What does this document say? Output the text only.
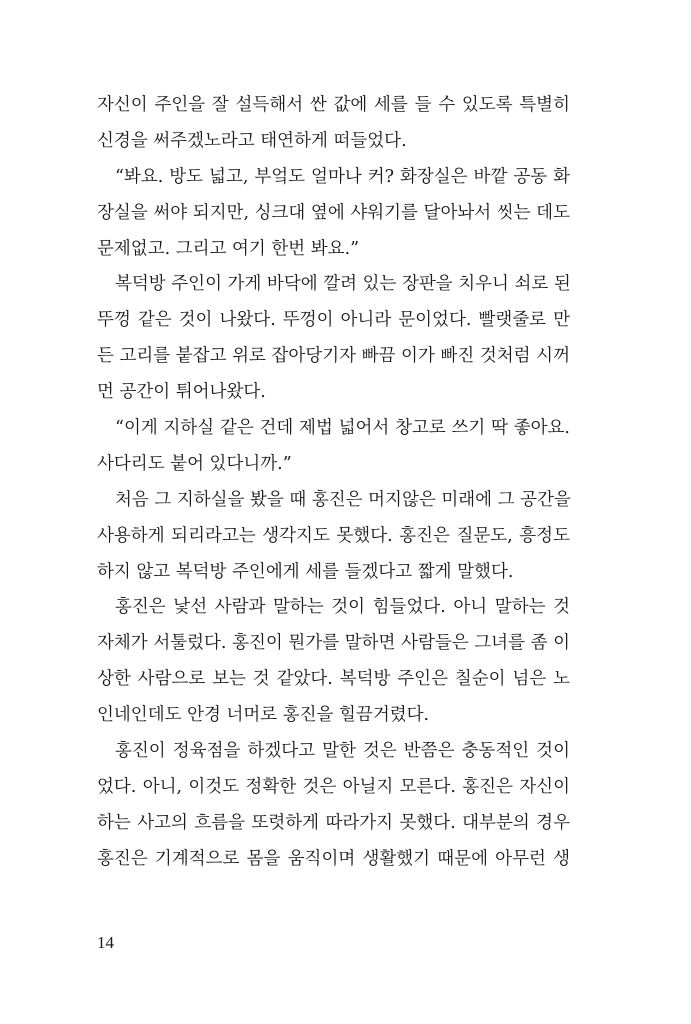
자신이 주인을 잘 설득해서 싼 값에 세를 들 수 있도록 특별히
신경을 써주겠노라고 태연하게 떠들었다.
“봐요. 방도 넓고, 부엌도 얼마나 커? 화장실은 바깥 공동 화
장실을 써야 되지만, 싱크대 옆에 샤워기를 달아놔서 씻는 데도
문제없고. 그리고 여기 한번 봐요.”
복덕방 주인이 가게 바닥에 깔려 있는 장판을 치우니 쇠로 된
뚜껑 같은 것이 나왔다. 뚜껑이 아니라 문이었다. 빨랫줄로 만
든 고리를 붙잡고 위로 잡아당기자 빠끔 이가 빠진 것처럼 시꺼
먼 공간이 튀어나왔다.
“이게 지하실 같은 건데 제법 넓어서 창고로 쓰기 딱 좋아요.
사다리도 붙어 있다니까.”
처음 그 지하실을 봤을 때 홍진은 머지않은 미래에 그 공간을
사용하게 되리라고는 생각지도 못했다. 홍진은 질문도, 흥정도
하지 않고 복덕방 주인에게 세를 들겠다고 짧게 말했다.
홍진은 낯선 사람과 말하는 것이 힘들었다. 아니 말하는 것
자체가 서툴렀다. 홍진이 뭔가를 말하면 사람들은 그녀를 좀 이
상한 사람으로 보는 것 같았다. 복덕방 주인은 칠순이 넘은 노
인네인데도 안경 너머로 홍진을 힐끔거렸다.
홍진이 정육점을 하겠다고 말한 것은 반쯤은 충동적인 것이
었다. 아니, 이것도 정확한 것은 아닐지 모른다. 홍진은 자신이
하는 사고의 흐름을 또렷하게 따라가지 못했다. 대부분의 경우
홍진은 기계적으로 몸을 움직이며 생활했기 때문에 아무런 생
14
